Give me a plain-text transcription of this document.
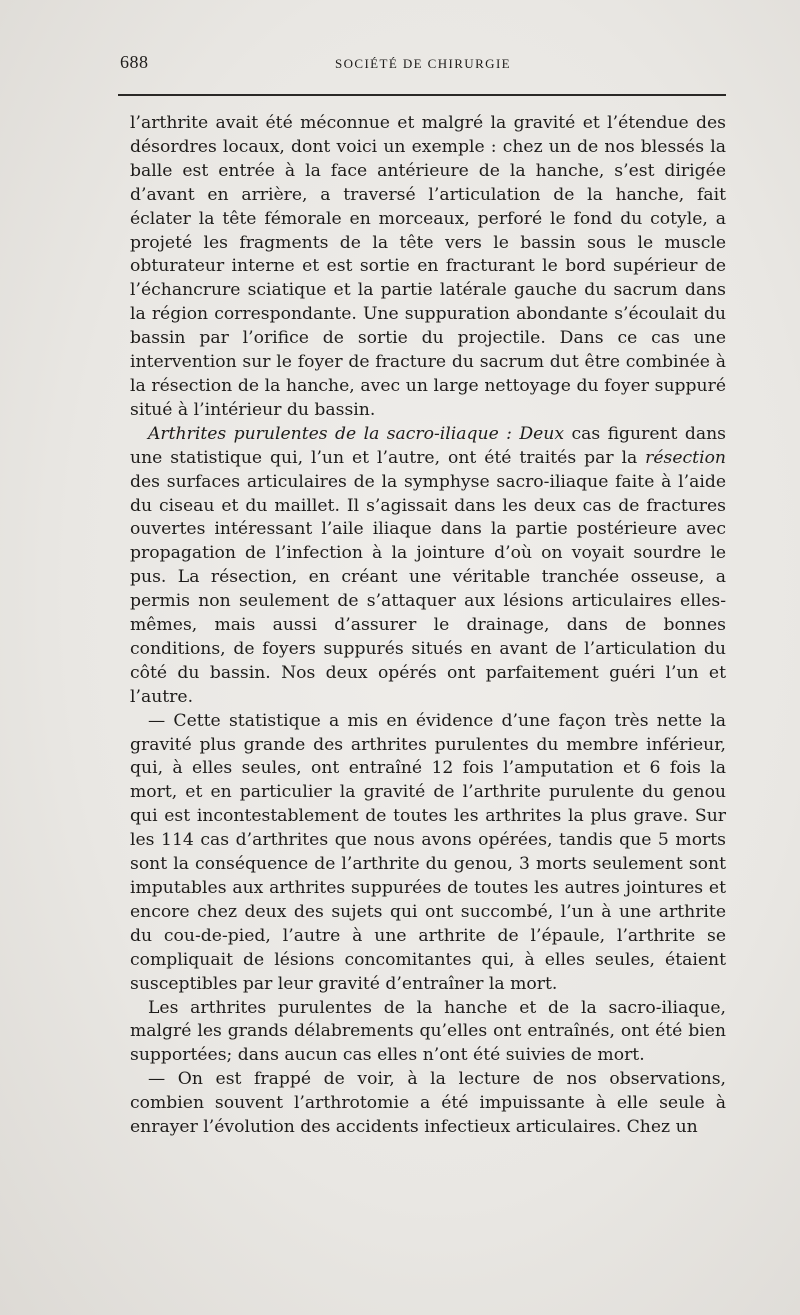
688	SOCIÉTÉ DE CHIRURGIE

l’arthrite avait été méconnue et malgré la gravité et l’étendue des désordres locaux, dont voici un exemple : chez un de nos blessés la balle est entrée à la face antérieure de la hanche, s’est dirigée d’avant en arrière, a traversé l’articulation de la hanche, fait éclater la tête fémorale en morceaux, perforé le fond du cotyle, a projeté les fragments de la tête vers le bassin sous le muscle obturateur interne et est sortie en fracturant le bord supérieur de l’échancrure sciatique et la partie latérale gauche du sacrum dans la région correspondante. Une suppuration abondante s’écoulait du bassin par l’orifice de sortie du projectile. Dans ce cas une intervention sur le foyer de fracture du sacrum dut être combinée à la résection de la hanche, avec un large nettoyage du foyer suppuré situé à l’intérieur du bassin.

Arthrites purulentes de la sacro-iliaque : Deux cas figurent dans une statistique qui, l’un et l’autre, ont été traités par la résection des surfaces articulaires de la symphyse sacro-iliaque faite à l’aide du ciseau et du maillet. Il s’agissait dans les deux cas de fractures ouvertes intéressant l’aile iliaque dans la partie postérieure avec propagation de l’infection à la jointure d’où on voyait sourdre le pus. La résection, en créant une véritable tranchée osseuse, a permis non seulement de s’attaquer aux lésions articulaires elles-mêmes, mais aussi d’assurer le drainage, dans de bonnes conditions, de foyers suppurés situés en avant de l’articulation du côté du bassin. Nos deux opérés ont parfaitement guéri l’un et l’autre.

— Cette statistique a mis en évidence d’une façon très nette la gravité plus grande des arthrites purulentes du membre inférieur, qui, à elles seules, ont entraîné 12 fois l’amputation et 6 fois la mort, et en particulier la gravité de l’arthrite purulente du genou qui est incontestablement de toutes les arthrites la plus grave. Sur les 114 cas d’arthrites que nous avons opérées, tandis que 5 morts sont la conséquence de l’arthrite du genou, 3 morts seulement sont imputables aux arthrites suppurées de toutes les autres jointures et encore chez deux des sujets qui ont succombé, l’un à une arthrite du cou-de-pied, l’autre à une arthrite de l’épaule, l’arthrite se compliquait de lésions concomitantes qui, à elles seules, étaient susceptibles par leur gravité d’entraîner la mort.

Les arthrites purulentes de la hanche et de la sacro-iliaque, malgré les grands délabrements qu’elles ont entraînés, ont été bien supportées; dans aucun cas elles n’ont été suivies de mort.

— On est frappé de voir, à la lecture de nos observations, combien souvent l’arthrotomie a été impuissante à elle seule à enrayer l’évolution des accidents infectieux articulaires. Chez un
